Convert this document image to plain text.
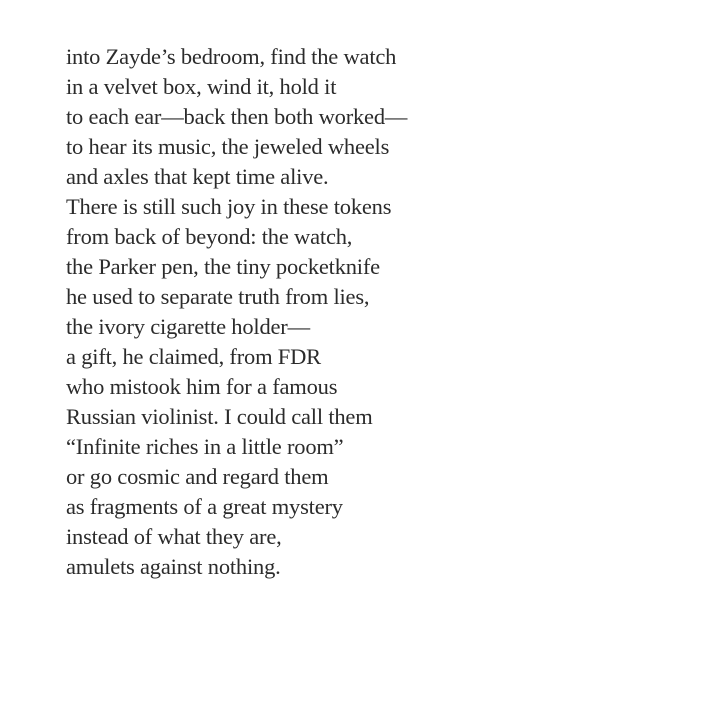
into Zayde’s bedroom, find the watch
in a velvet box, wind it, hold it
to each ear—back then both worked—
to hear its music, the jeweled wheels
and axles that kept time alive.
There is still such joy in these tokens
from back of beyond: the watch,
the Parker pen, the tiny pocketknife
he used to separate truth from lies,
the ivory cigarette holder—
a gift, he claimed, from FDR
who mistook him for a famous
Russian violinist. I could call them
“Infinite riches in a little room”
or go cosmic and regard them
as fragments of a great mystery
instead of what they are,
amulets against nothing.
